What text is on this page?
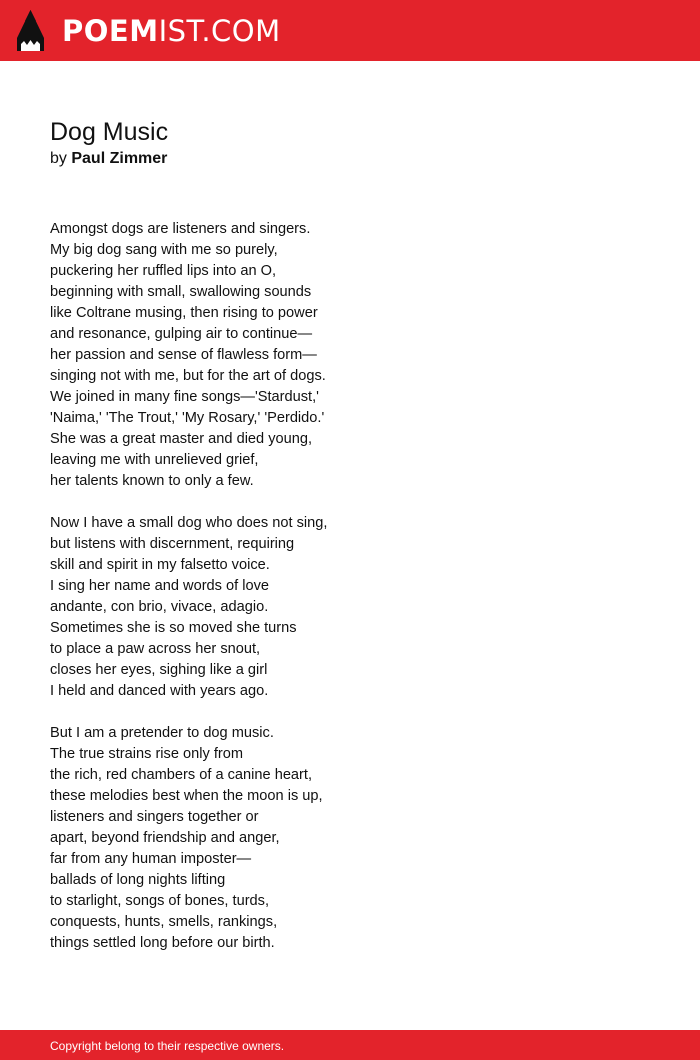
POEMIST.COM
Dog Music
by Paul Zimmer
Amongst dogs are listeners and singers.
My big dog sang with me so purely,
puckering her ruffled lips into an O,
beginning with small, swallowing sounds
like Coltrane musing, then rising to power
and resonance, gulping air to continue—
her passion and sense of flawless form—
singing not with me, but for the art of dogs.
We joined in many fine songs—'Stardust,'
'Naima,' 'The Trout,' 'My Rosary,' 'Perdido.'
She was a great master and died young,
leaving me with unrelieved grief,
her talents known to only a few.
Now I have a small dog who does not sing,
but listens with discernment, requiring
skill and spirit in my falsetto voice.
I sing her name and words of love
andante, con brio, vivace, adagio.
Sometimes she is so moved she turns
to place a paw across her snout,
closes her eyes, sighing like a girl
I held and danced with years ago.
But I am a pretender to dog music.
The true strains rise only from
the rich, red chambers of a canine heart,
these melodies best when the moon is up,
listeners and singers together or
apart, beyond friendship and anger,
far from any human imposter—
ballads of long nights lifting
to starlight, songs of bones, turds,
conquests, hunts, smells, rankings,
things settled long before our birth.
Copyright belong to their respective owners.
